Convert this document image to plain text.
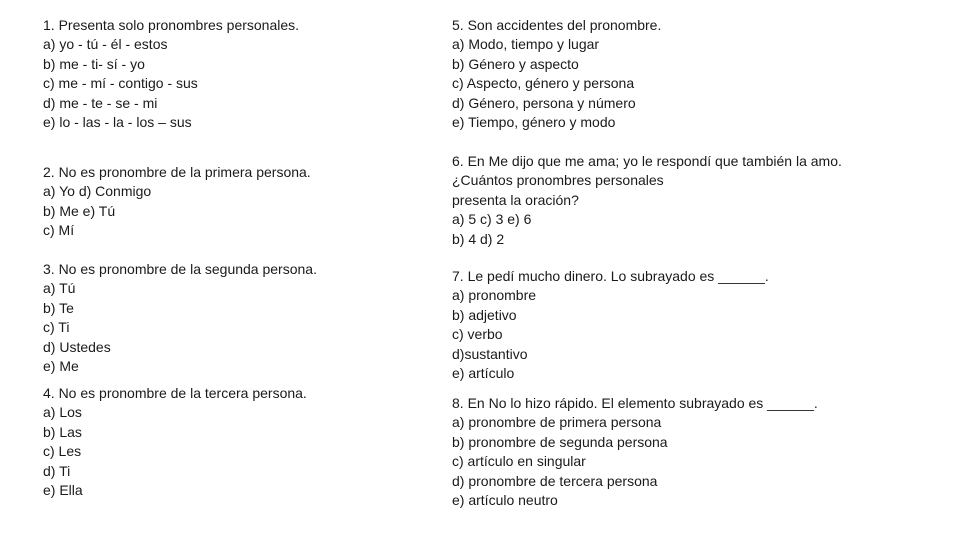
1. Presenta solo pronombres personales.
a) yo - tú - él - estos
b) me - ti- sí - yo
c) me - mí - contigo - sus
d) me - te - se - mi
e) lo - las - la - los – sus
2. No es pronombre de la primera persona.
a) Yo d) Conmigo
b) Me e) Tú
c) Mí
3. No es pronombre de la segunda persona.
a) Tú
b) Te
c) Ti
d) Ustedes
e) Me
4. No es pronombre de la tercera persona.
a) Los
b) Las
c) Les
d) Ti
e) Ella
5. Son accidentes del pronombre.
a) Modo, tiempo y lugar
b) Género y aspecto
c) Aspecto, género y persona
d) Género, persona y número
e) Tiempo, género y modo
6. En Me dijo que me ama; yo le respondí que también la amo.
¿Cuántos pronombres personales
presenta la oración?
a) 5 c) 3 e) 6
b) 4 d) 2
7. Le pedí mucho dinero. Lo subrayado es ______.
a) pronombre
b) adjetivo
c) verbo
d)sustantivo
e) artículo
8. En No lo hizo rápido. El elemento subrayado es ______.
a) pronombre de primera persona
b) pronombre de segunda persona
c) artículo en singular
d) pronombre de tercera persona
e) artículo neutro
